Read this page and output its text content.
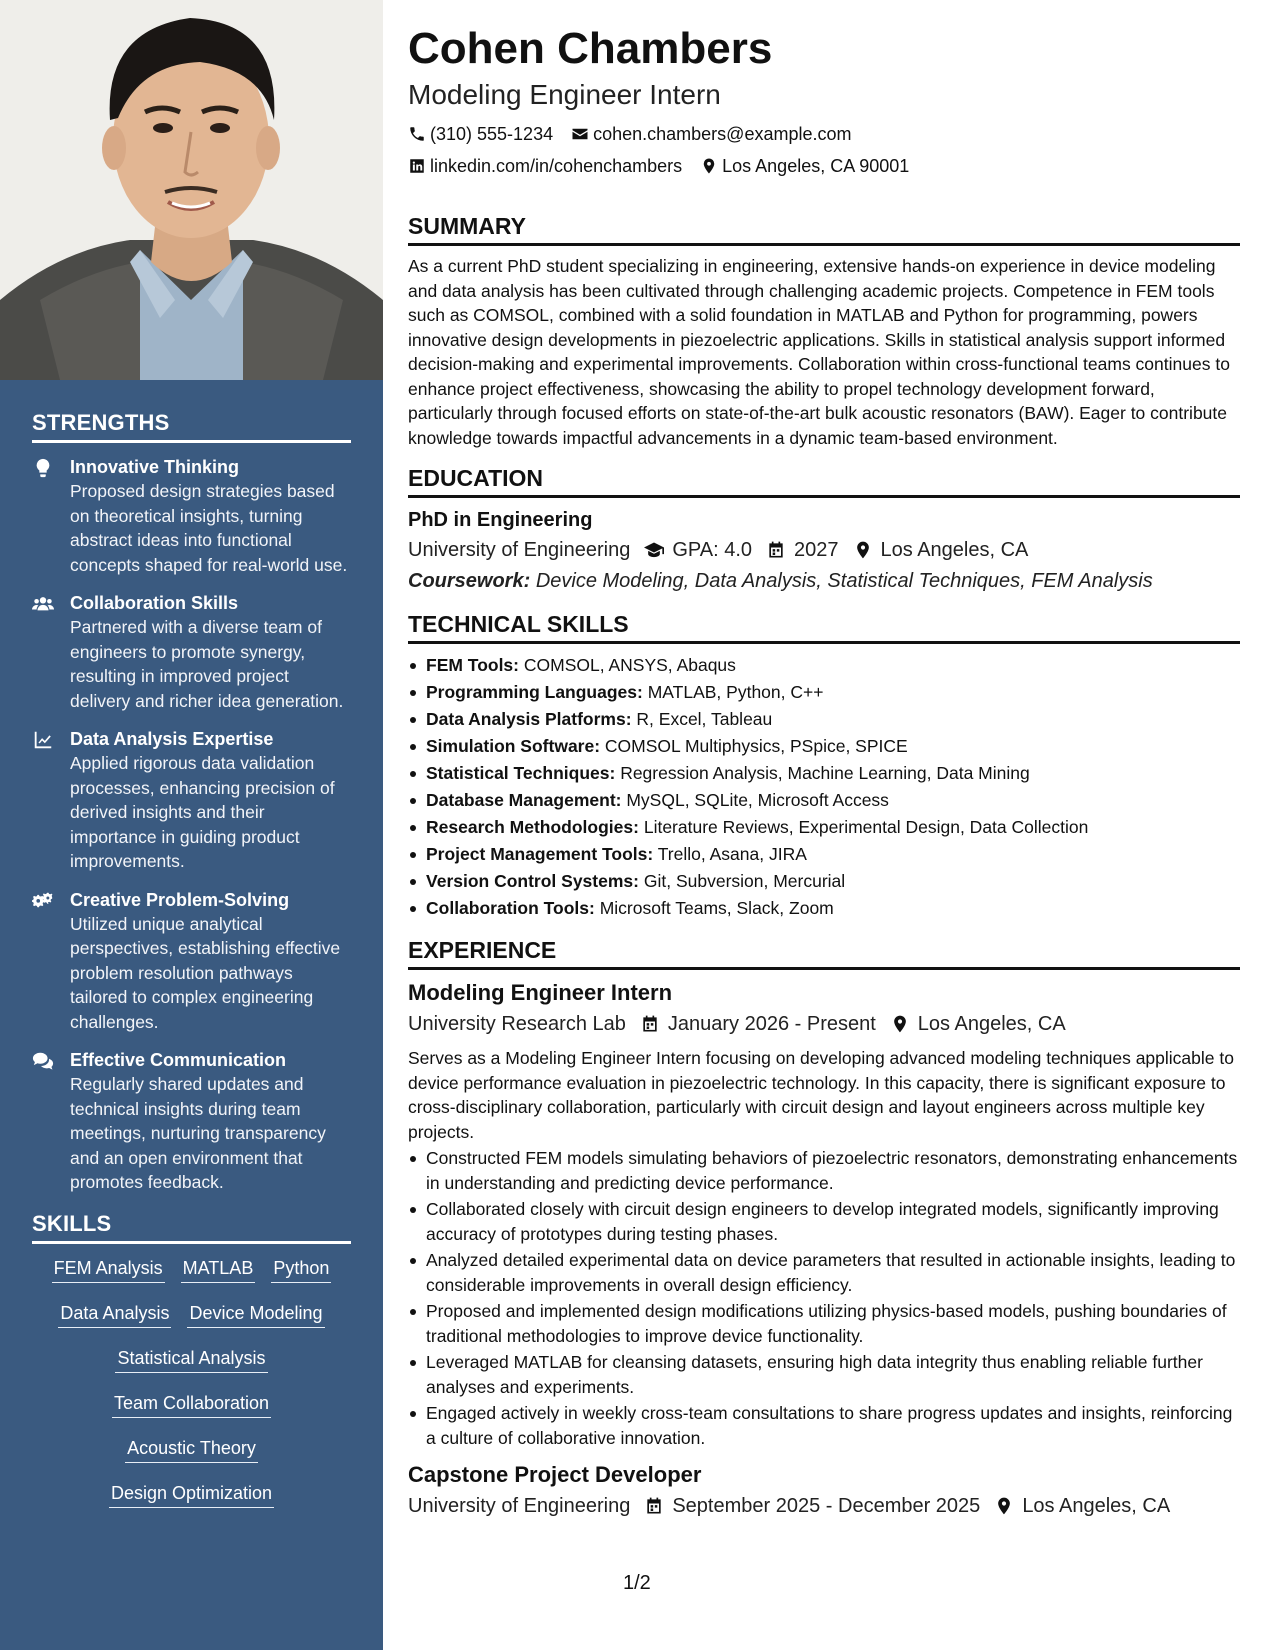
STRENGTHS
Innovative Thinking
Proposed design strategies based on theoretical insights, turning abstract ideas into functional concepts shaped for real-world use.
Collaboration Skills
Partnered with a diverse team of engineers to promote synergy, resulting in improved project delivery and richer idea generation.
Data Analysis Expertise
Applied rigorous data validation processes, enhancing precision of derived insights and their importance in guiding product improvements.
Creative Problem-Solving
Utilized unique analytical perspectives, establishing effective problem resolution pathways tailored to complex engineering challenges.
Effective Communication
Regularly shared updates and technical insights during team meetings, nurturing transparency and an open environment that promotes feedback.
SKILLS
FEM Analysis MATLAB Python
Data Analysis Device Modeling
Statistical Analysis
Team Collaboration
Acoustic Theory
Design Optimization
Cohen Chambers
Modeling Engineer Intern
(310) 555-1234 cohen.chambers@example.com
linkedin.com/in/cohenchambers Los Angeles, CA 90001
SUMMARY
As a current PhD student specializing in engineering, extensive hands-on experience in device modeling and data analysis has been cultivated through challenging academic projects. Competence in FEM tools such as COMSOL, combined with a solid foundation in MATLAB and Python for programming, powers innovative design developments in piezoelectric applications. Skills in statistical analysis support informed decision-making and experimental improvements. Collaboration within cross-functional teams continues to enhance project effectiveness, showcasing the ability to propel technology development forward, particularly through focused efforts on state-of-the-art bulk acoustic resonators (BAW). Eager to contribute knowledge towards impactful advancements in a dynamic team-based environment.
EDUCATION
PhD in Engineering
University of Engineering GPA: 4.0 2027 Los Angeles, CA
Coursework: Device Modeling, Data Analysis, Statistical Techniques, FEM Analysis
TECHNICAL SKILLS
FEM Tools: COMSOL, ANSYS, Abaqus
Programming Languages: MATLAB, Python, C++
Data Analysis Platforms: R, Excel, Tableau
Simulation Software: COMSOL Multiphysics, PSpice, SPICE
Statistical Techniques: Regression Analysis, Machine Learning, Data Mining
Database Management: MySQL, SQLite, Microsoft Access
Research Methodologies: Literature Reviews, Experimental Design, Data Collection
Project Management Tools: Trello, Asana, JIRA
Version Control Systems: Git, Subversion, Mercurial
Collaboration Tools: Microsoft Teams, Slack, Zoom
EXPERIENCE
Modeling Engineer Intern
University Research Lab January 2026 - Present Los Angeles, CA
Serves as a Modeling Engineer Intern focusing on developing advanced modeling techniques applicable to device performance evaluation in piezoelectric technology. In this capacity, there is significant exposure to cross-disciplinary collaboration, particularly with circuit design and layout engineers across multiple key projects.
Constructed FEM models simulating behaviors of piezoelectric resonators, demonstrating enhancements in understanding and predicting device performance.
Collaborated closely with circuit design engineers to develop integrated models, significantly improving accuracy of prototypes during testing phases.
Analyzed detailed experimental data on device parameters that resulted in actionable insights, leading to considerable improvements in overall design efficiency.
Proposed and implemented design modifications utilizing physics-based models, pushing boundaries of traditional methodologies to improve device functionality.
Leveraged MATLAB for cleansing datasets, ensuring high data integrity thus enabling reliable further analyses and experiments.
Engaged actively in weekly cross-team consultations to share progress updates and insights, reinforcing a culture of collaborative innovation.
Capstone Project Developer
University of Engineering September 2025 - December 2025 Los Angeles, CA
1/2
